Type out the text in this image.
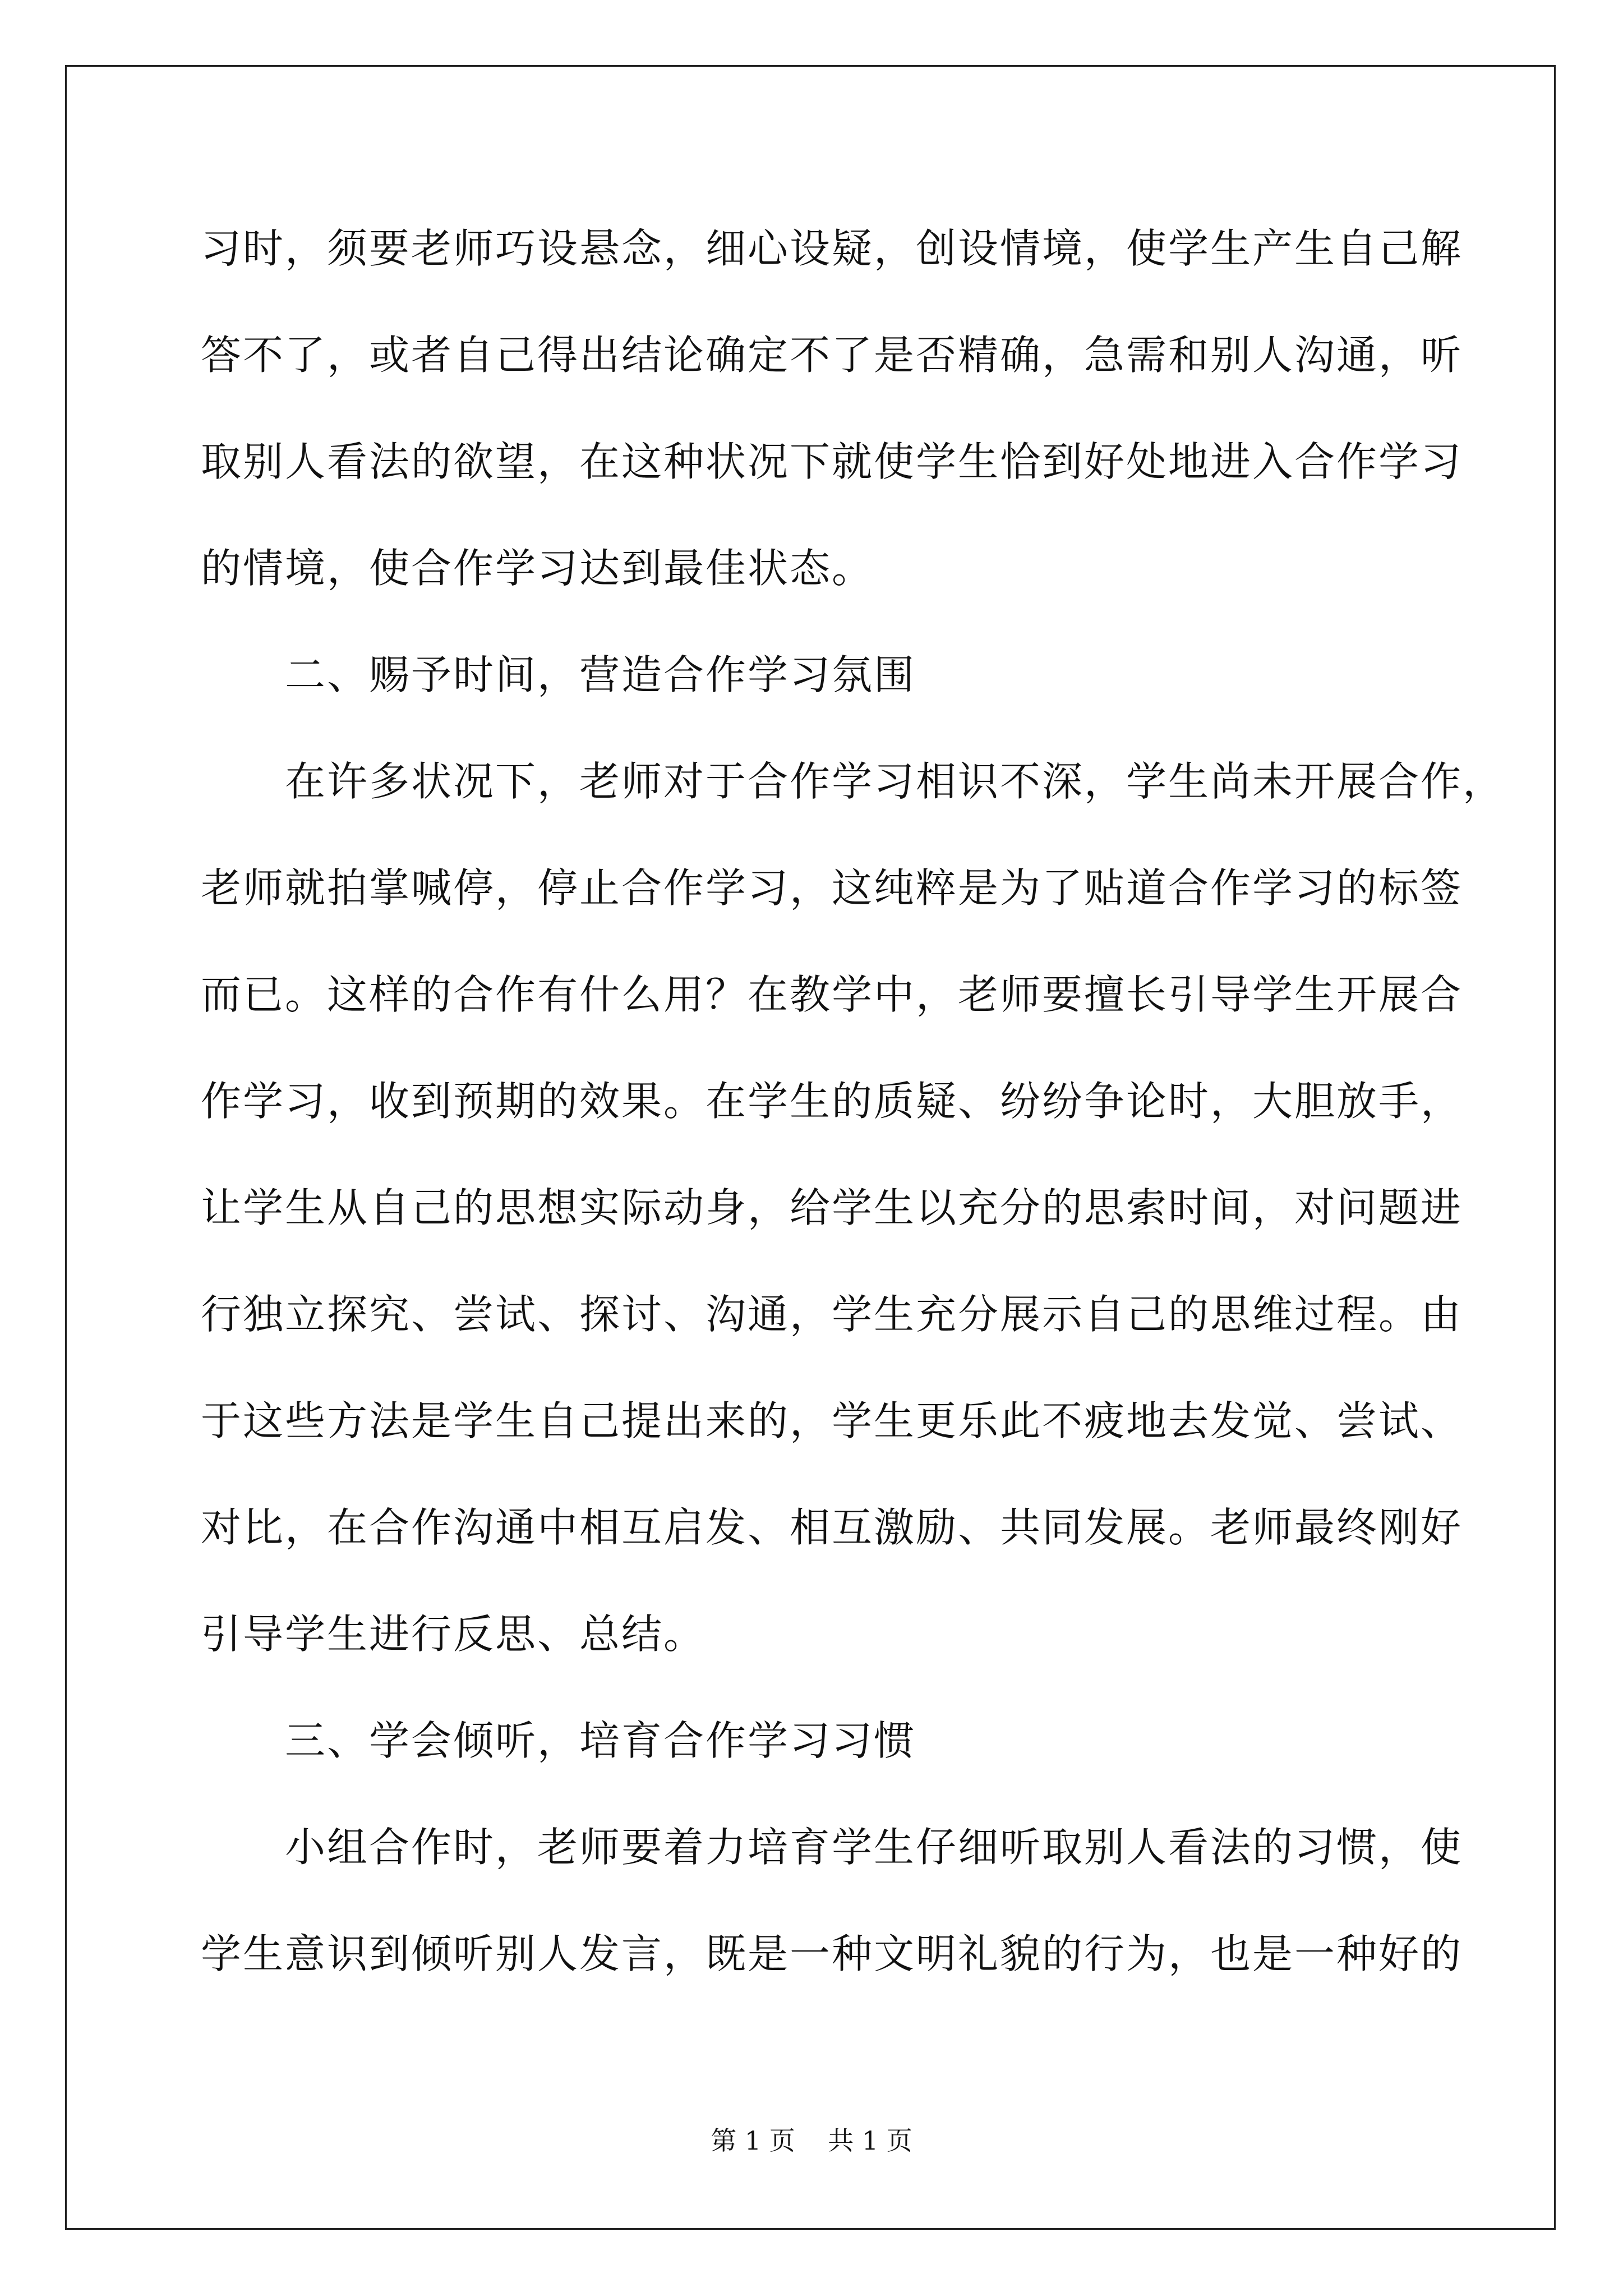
习时，须要老师巧设悬念，细心设疑，创设情境，使学生产生自己解
答不了，或者自己得出结论确定不了是否精确，急需和别人沟通，听
取别人看法的欲望，在这种状况下就使学生恰到好处地进入合作学习
的情境，使合作学习达到最佳状态。
二、赐予时间，营造合作学习氛围
在许多状况下，老师对于合作学习相识不深，学生尚未开展合作，
老师就拍掌喊停，停止合作学习，这纯粹是为了贴道合作学习的标签
而已。这样的合作有什么用？在教学中，老师要擅长引导学生开展合
作学习，收到预期的效果。在学生的质疑、纷纷争论时，大胆放手，
让学生从自己的思想实际动身，给学生以充分的思索时间，对问题进
行独立探究、尝试、探讨、沟通，学生充分展示自己的思维过程。由
于这些方法是学生自己提出来的，学生更乐此不疲地去发觉、尝试、
对比，在合作沟通中相互启发、相互激励、共同发展。老师最终刚好
引导学生进行反思、总结。
三、学会倾听，培育合作学习习惯
小组合作时，老师要着力培育学生仔细听取别人看法的习惯，使
学生意识到倾听别人发言，既是一种文明礼貌的行为，也是一种好的
第 1 页 共 1 页
